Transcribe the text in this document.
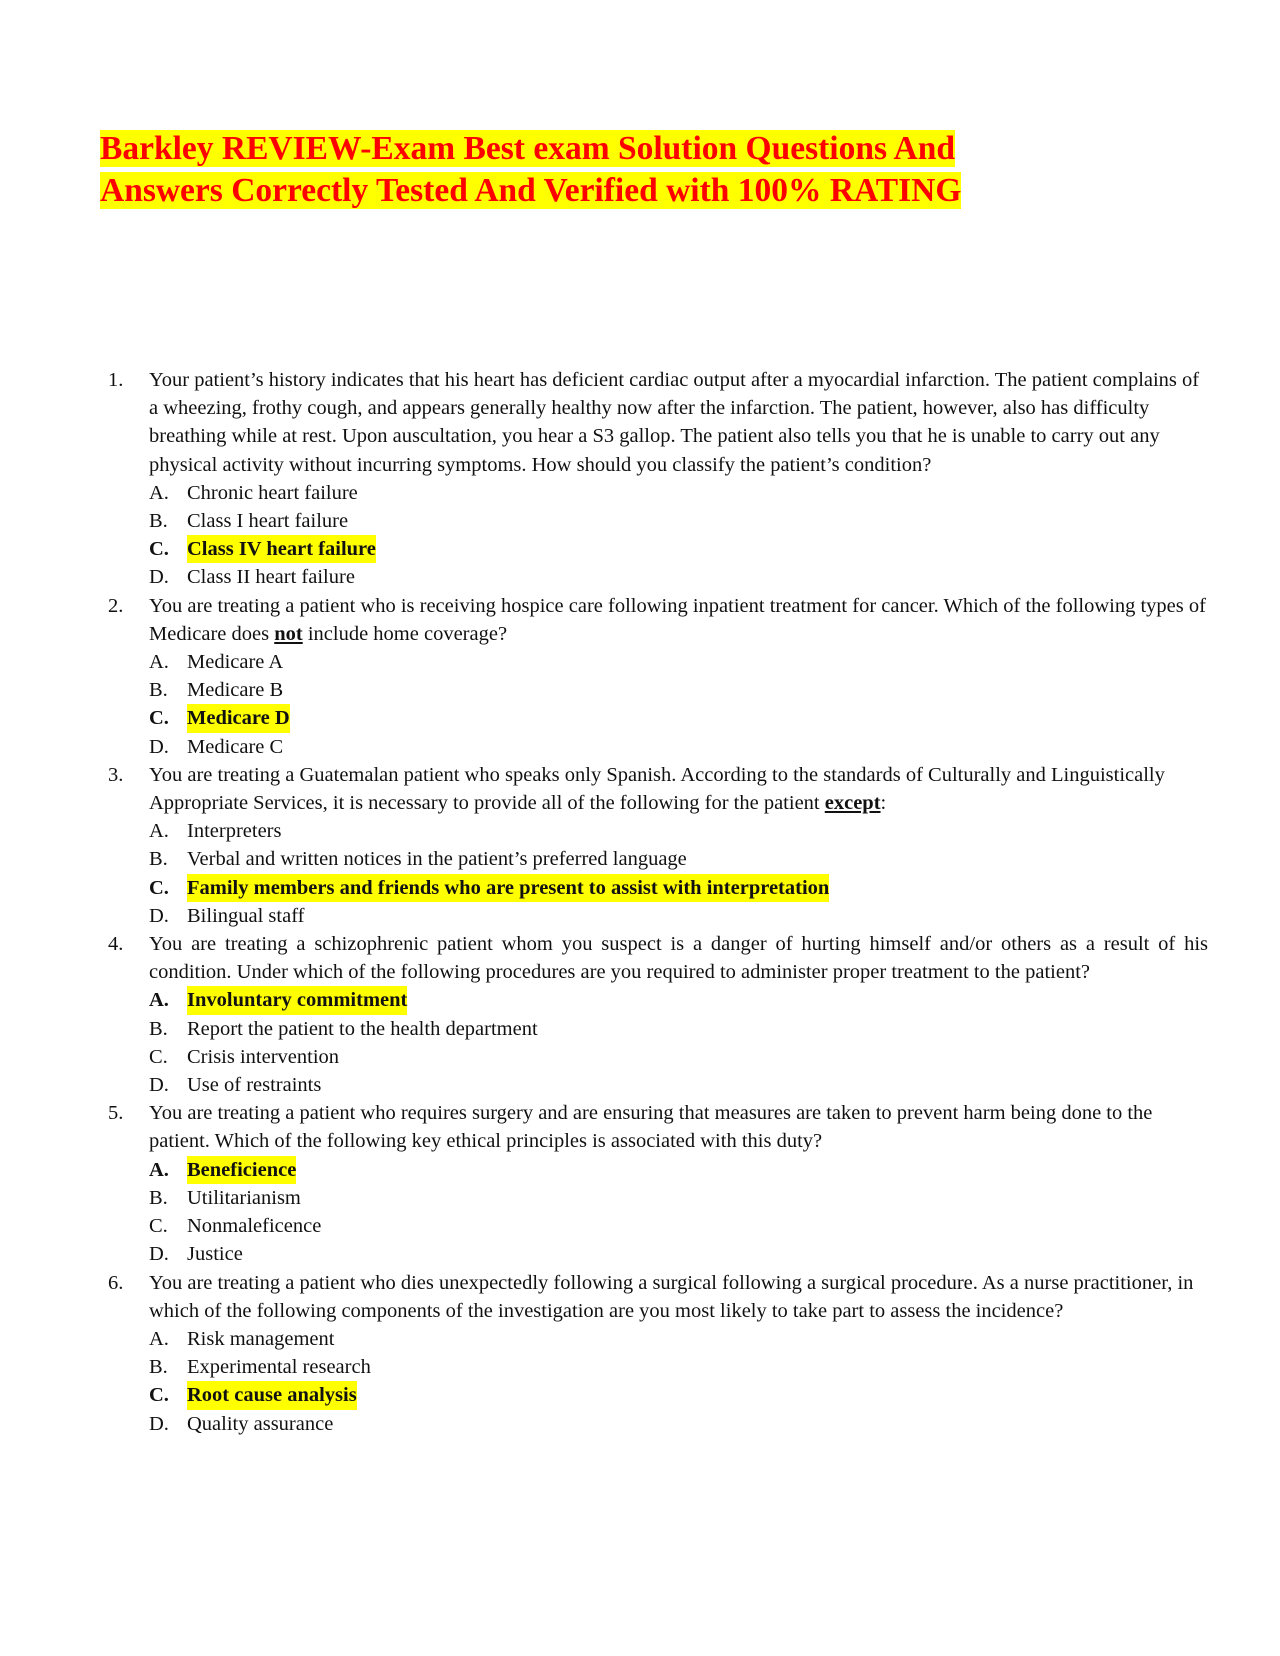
Barkley REVIEW-Exam Best exam Solution Questions And
Answers Correctly Tested And Verified with 100% RATING
1.	Your patient’s history indicates that his heart has deficient cardiac output after a myocardial infarction. The patient complains of a wheezing, frothy cough, and appears generally healthy now after the infarction. The patient, however, also has difficulty breathing while at rest. Upon auscultation, you hear a S3 gallop. The patient also tells you that he is unable to carry out any physical activity without incurring symptoms. How should you classify the patient’s condition?
A. Chronic heart failure
B. Class I heart failure
C. Class IV heart failure
D. Class II heart failure
2.	You are treating a patient who is receiving hospice care following inpatient treatment for cancer. Which of the following types of Medicare does not include home coverage?
A. Medicare A
B. Medicare B
C. Medicare D
D. Medicare C
3.	You are treating a Guatemalan patient who speaks only Spanish. According to the standards of Culturally and Linguistically Appropriate Services, it is necessary to provide all of the following for the patient except:
A. Interpreters
B. Verbal and written notices in the patient’s preferred language
C. Family members and friends who are present to assist with interpretation
D. Bilingual staff
4.	You are treating a schizophrenic patient whom you suspect is a danger of hurting himself and/or others as a result of his condition. Under which of the following procedures are you required to administer proper treatment to the patient?
A. Involuntary commitment
B. Report the patient to the health department
C. Crisis intervention
D. Use of restraints
5.	You are treating a patient who requires surgery and are ensuring that measures are taken to prevent harm being done to the patient. Which of the following key ethical principles is associated with this duty?
A. Beneficience
B. Utilitarianism
C. Nonmaleficence
D. Justice
6.	You are treating a patient who dies unexpectedly following a surgical following a surgical procedure. As a nurse practitioner, in which of the following components of the investigation are you most likely to take part to assess the incidence?
A. Risk management
B. Experimental research
C. Root cause analysis
D. Quality assurance
